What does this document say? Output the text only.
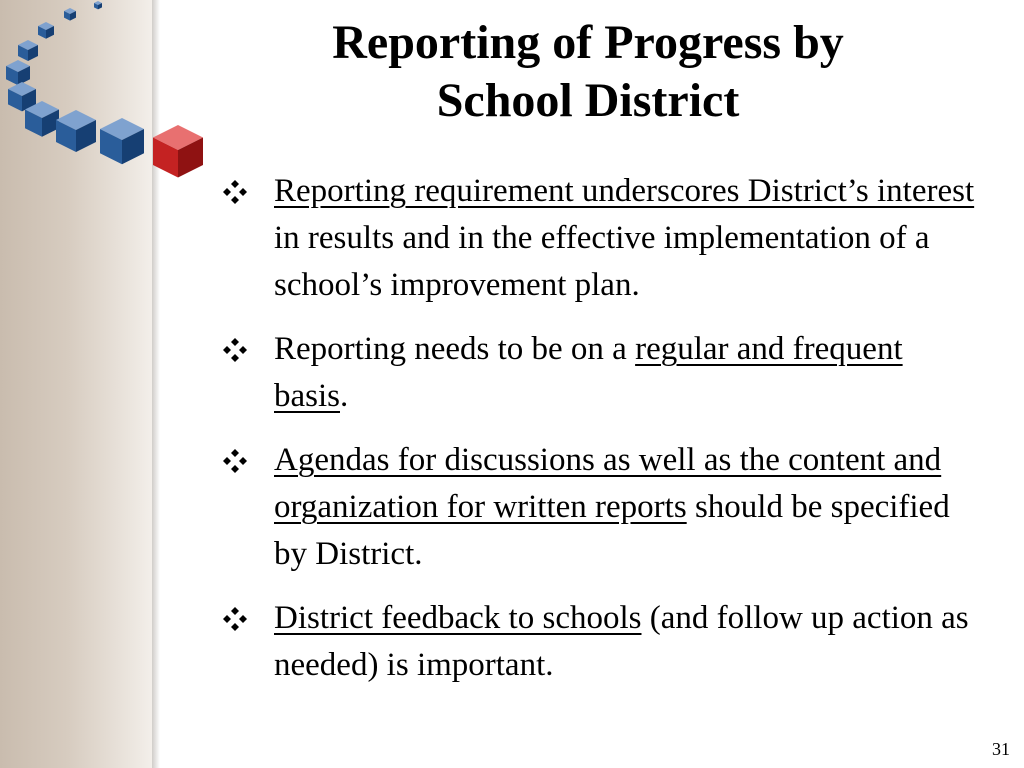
Reporting of Progress by
School District
Reporting requirement underscores District’s interest in results and in the effective implementation of a school’s improvement plan.
Reporting needs to be on a regular and frequent basis.
Agendas for discussions as well as the content and organization for written reports should be specified by District.
District feedback to schools (and follow up action as needed) is important.
31
